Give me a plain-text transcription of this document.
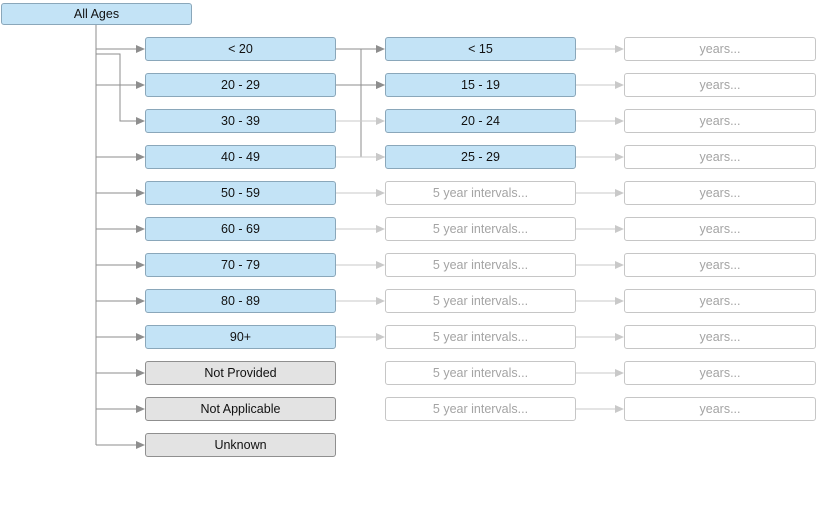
All Ages
< 20
20 - 29
30 - 39
40 - 49
50 - 59
60 - 69
70 - 79
80 - 89
90+
Not Provided
Not Applicable
Unknown
< 15
15 - 19
20 - 24
25 - 29
5 year intervals...
5 year intervals...
5 year intervals...
5 year intervals...
5 year intervals...
5 year intervals...
5 year intervals...
years...
years...
years...
years...
years...
years...
years...
years...
years...
years...
years...
